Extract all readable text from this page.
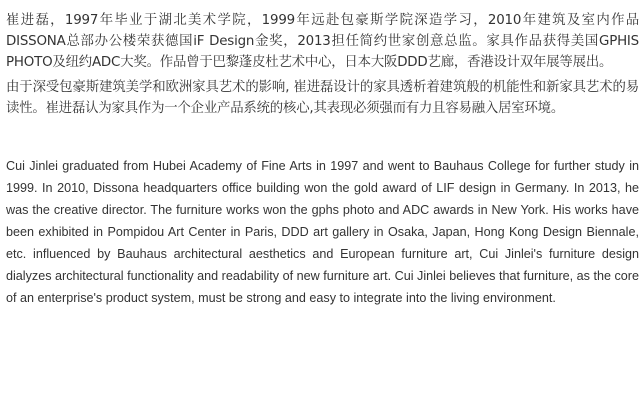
崔进磊，1997年毕业于湖北美术学院，1999年远赴包豪斯学院深造学习，2010年建筑及室内作品DISSONA总部办公楼荣获德国iF Design金奖，2013担任简约世家创意总监。家具作品获得美国GPHIS PHOTO及纽约ADC大奖。作品曾于巴黎蓬皮杜艺术中心，日本大阪DDD艺廊，香港设计双年展等展出。

由于深受包豪斯建筑美学和欧洲家具艺术的影响, 崔进磊设计的家具透析着建筑般的机能性和新家具艺术的易读性。崔进磊认为家具作为一个企业产品系统的核心,其表现必须强而有力且容易融入居室环境。

Cui Jinlei graduated from Hubei Academy of Fine Arts in 1997 and went to Bauhaus College for further study in 1999. In 2010, Dissona headquarters office building won the gold award of LIF design in Germany. In 2013, he was the creative director. The furniture works won the gphs photo and ADC awards in New York. His works have been exhibited in Pompidou Art Center in Paris, DDD art gallery in Osaka, Japan, Hong Kong Design Biennale, etc. influenced by Bauhaus architectural aesthetics and European furniture art, Cui Jinlei's furniture design dialyzes architectural functionality and readability of new furniture art. Cui Jinlei believes that furniture, as the core of an enterprise's product system, must be strong and easy to integrate into the living environment.
